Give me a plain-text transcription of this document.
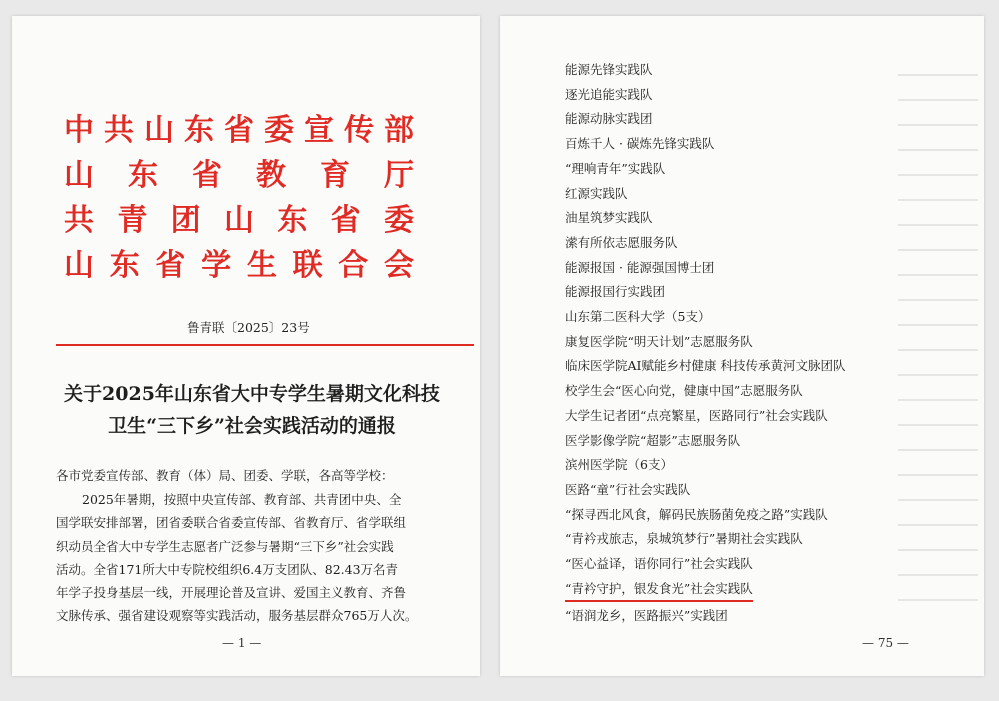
中共山东省委宣传部
山东省教育厅
共青团山东省委
山东省学生联合会
鲁青联〔2025〕23号
关于2025年山东省大中专学生暑期文化科技
卫生“三下乡”社会实践活动的通报
各市党委宣传部、教育（体）局、团委、学联，各高等学校：
2025年暑期，按照中央宣传部、教育部、共青团中央、全
国学联安排部署，团省委联合省委宣传部、省教育厅、省学联组
织动员全省大中专学生志愿者广泛参与暑期“三下乡”社会实践
活动。全省171所大中专院校组织6.4万支团队、82.43万名青
年学子投身基层一线，开展理论普及宣讲、爱国主义教育、齐鲁
文脉传承、强省建设观察等实践活动，服务基层群众765万人次。
— 1 —
能源先锋实践队
逐光追能实践队
能源动脉实践团
百炼千人 · 碳炼先锋实践队
“理响青年”实践队
红源实践队
油星筑梦实践队
潆有所依志愿服务队
能源报国 · 能源强国博士团
能源报国行实践团
山东第二医科大学（5支）
康复医学院“明天计划”志愿服务队
临床医学院AI赋能乡村健康 科技传承黄河文脉团队
校学生会“医心向党，健康中国”志愿服务队
大学生记者团“点亮繁星，医路同行”社会实践队
医学影像学院“超影”志愿服务队
滨州医学院（6支）
医路“童”行社会实践队
“探寻西北风食，解码民族肠菌免疫之路”实践队
“青衿戎旅志，泉城筑梦行”暑期社会实践队
“医心益译，语你同行”社会实践队
“青衿守护，银发食光”社会实践队

“语润龙乡，医路振兴”实践团
— 75 —
